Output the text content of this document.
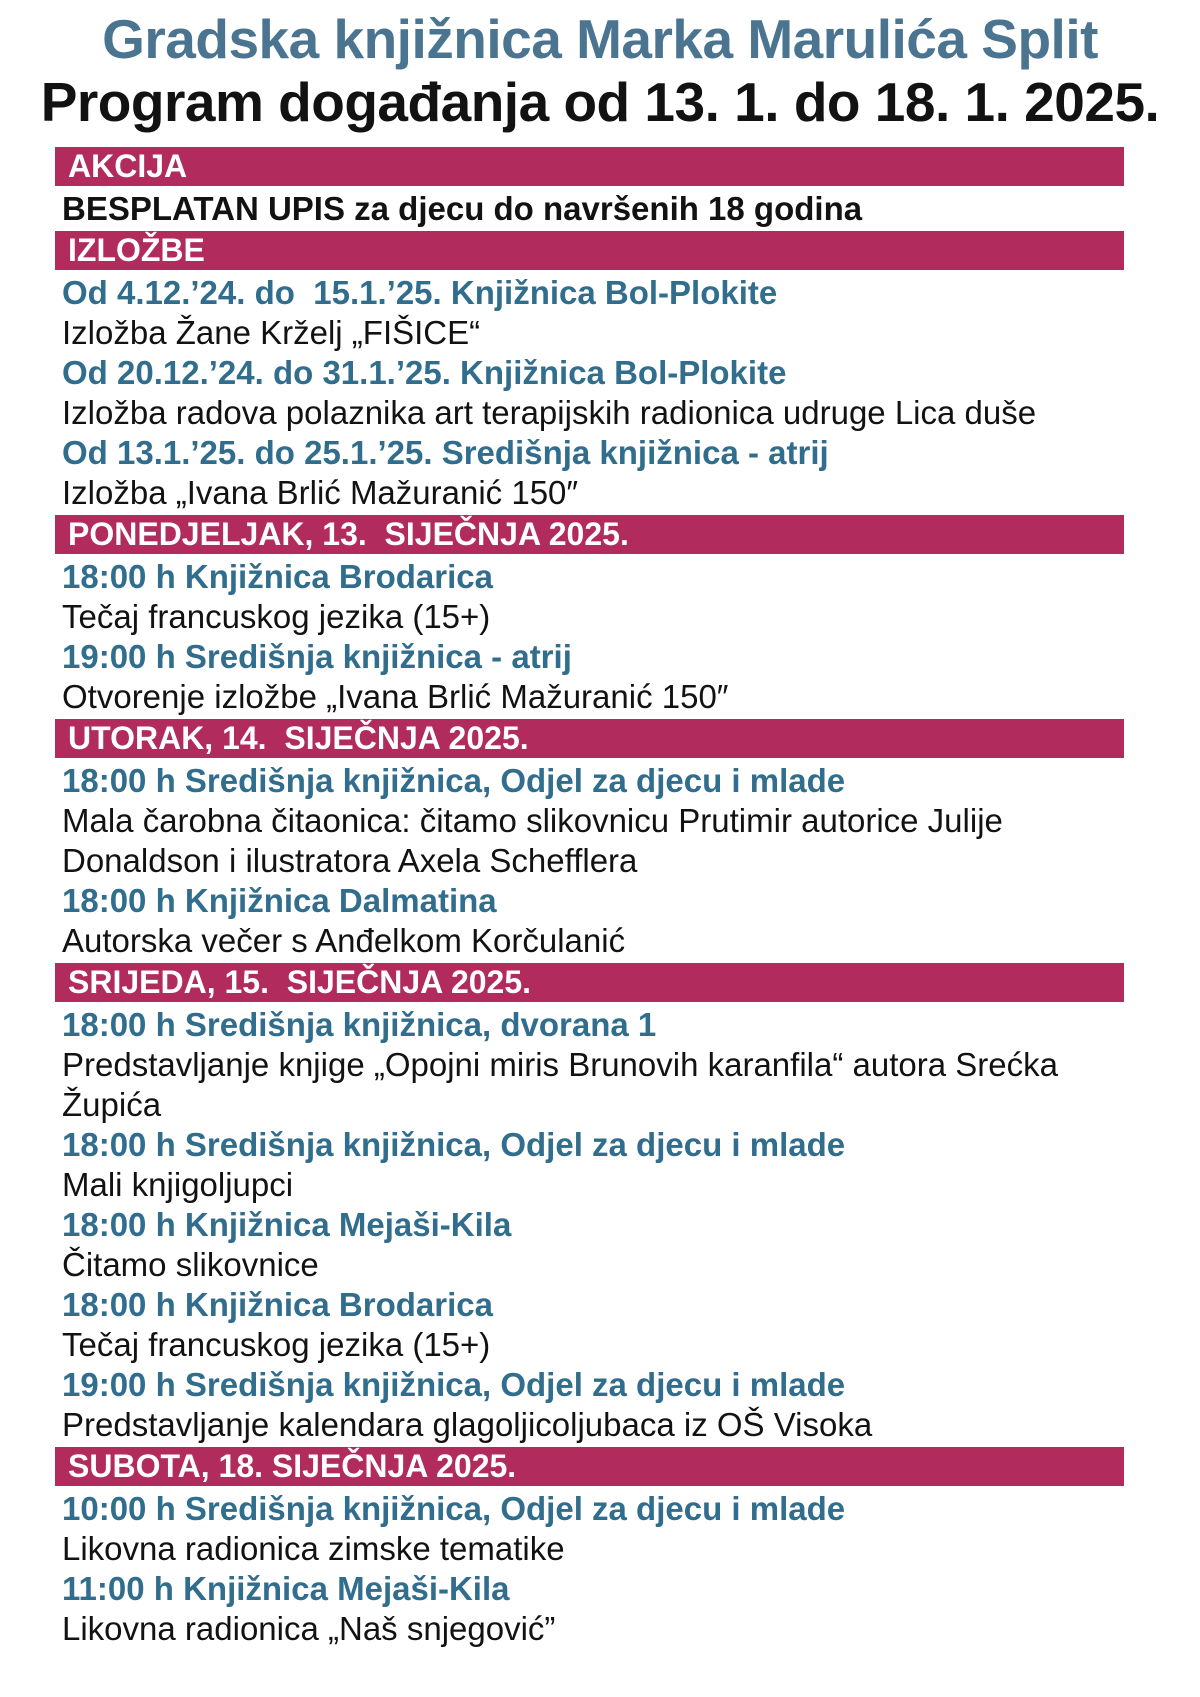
Gradska knjižnica Marka Marulića Split
Program događanja od 13. 1. do 18. 1. 2025.
AKCIJA
BESPLATAN UPIS za djecu do navršenih 18 godina
IZLOŽBE
Od 4.12.’24. do  15.1.’25. Knjižnica Bol-Plokite
Izložba Žane Krželj „FIŠICE“
Od 20.12.’24. do 31.1.’25. Knjižnica Bol-Plokite
Izložba radova polaznika art terapijskih radionica udruge Lica duše
Od 13.1.’25. do 25.1.’25. Središnja knjižnica - atrij
Izložba „Ivana Brlić Mažuranić 150″
PONEDJELJAK, 13.  SIJEČNJA 2025.
18:00 h Knjižnica Brodarica
Tečaj francuskog jezika (15+)
19:00 h Središnja knjižnica - atrij
Otvorenje izložbe „Ivana Brlić Mažuranić 150″
UTORAK, 14.  SIJEČNJA 2025.
18:00 h Središnja knjižnica, Odjel za djecu i mlade
Mala čarobna čitaonica: čitamo slikovnicu Prutimir autorice Julije Donaldson i ilustratora Axela Schefflera
18:00 h Knjižnica Dalmatina
Autorska večer s Anđelkom Korčulanić
SRIJEDA, 15.  SIJEČNJA 2025.
18:00 h Središnja knjižnica, dvorana 1
Predstavljanje knjige „Opojni miris Brunovih karanfila“ autora Srećka Župića
18:00 h Središnja knjižnica, Odjel za djecu i mlade
Mali knjigoljupci
18:00 h Knjižnica Mejaši-Kila
Čitamo slikovnice
18:00 h Knjižnica Brodarica
Tečaj francuskog jezika (15+)
19:00 h Središnja knjižnica, Odjel za djecu i mlade
Predstavljanje kalendara glagoljicoljubaca iz OŠ Visoka
SUBOTA, 18. SIJEČNJA 2025.
10:00 h Središnja knjižnica, Odjel za djecu i mlade
Likovna radionica zimske tematike
11:00 h Knjižnica Mejaši-Kila
Likovna radionica „Naš snjegović”
